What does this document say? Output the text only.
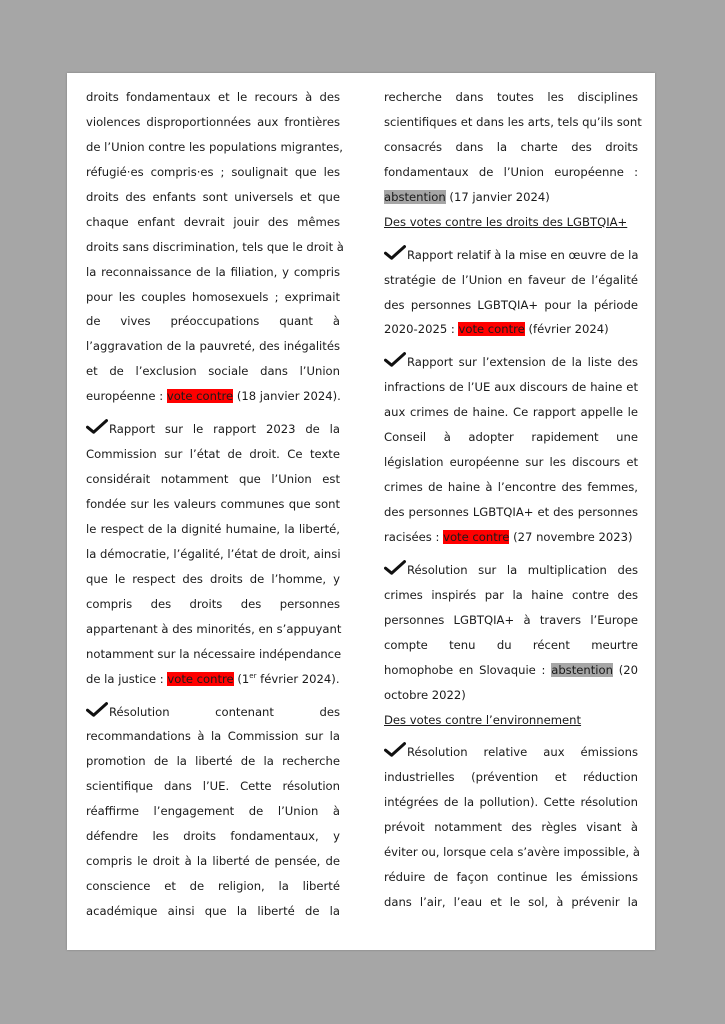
droits fondamentaux et le recours à des
violences disproportionnées aux frontières
de l’Union contre les populations migrantes,
réfugié·es compris·es ; soulignait que les
droits des enfants sont universels et que
chaque enfant devrait jouir des mêmes
droits sans discrimination, tels que le droit à
la reconnaissance de la filiation, y compris
pour les couples homosexuels ; exprimait
de vives préoccupations quant à
l’aggravation de la pauvreté, des inégalités
et de l’exclusion sociale dans l’Union
européenne : vote contre (18 janvier 2024).
Rapport sur le rapport 2023 de la
Commission sur l’état de droit. Ce texte
considérait notamment que l’Union est
fondée sur les valeurs communes que sont
le respect de la dignité humaine, la liberté,
la démocratie, l’égalité, l’état de droit, ainsi
que le respect des droits de l’homme, y
compris des droits des personnes
appartenant à des minorités, en s’appuyant
notamment sur la nécessaire indépendance
de la justice : vote contre (1er février 2024).
Résolution contenant des
recommandations à la Commission sur la
promotion de la liberté de la recherche
scientifique dans l’UE. Cette résolution
réaffirme l’engagement de l’Union à
défendre les droits fondamentaux, y
compris le droit à la liberté de pensée, de
conscience et de religion, la liberté
académique ainsi que la liberté de la
recherche dans toutes les disciplines
scientifiques et dans les arts, tels qu’ils sont
consacrés dans la charte des droits
fondamentaux de l’Union européenne :
abstention (17 janvier 2024)
Des votes contre les droits des LGBTQIA+
Rapport relatif à la mise en œuvre de la
stratégie de l’Union en faveur de l’égalité
des personnes LGBTQIA+ pour la période
2020-2025 : vote contre (février 2024)
Rapport sur l’extension de la liste des
infractions de l’UE aux discours de haine et
aux crimes de haine. Ce rapport appelle le
Conseil à adopter rapidement une
législation européenne sur les discours et
crimes de haine à l’encontre des femmes,
des personnes LGBTQIA+ et des personnes
racisées : vote contre (27 novembre 2023)
Résolution sur la multiplication des
crimes inspirés par la haine contre des
personnes LGBTQIA+ à travers l’Europe
compte tenu du récent meurtre
homophobe en Slovaquie : abstention (20
octobre 2022)
Des votes contre l’environnement
Résolution relative aux émissions
industrielles (prévention et réduction
intégrées de la pollution). Cette résolution
prévoit notamment des règles visant à
éviter ou, lorsque cela s’avère impossible, à
réduire de façon continue les émissions
dans l’air, l’eau et le sol, à prévenir la
